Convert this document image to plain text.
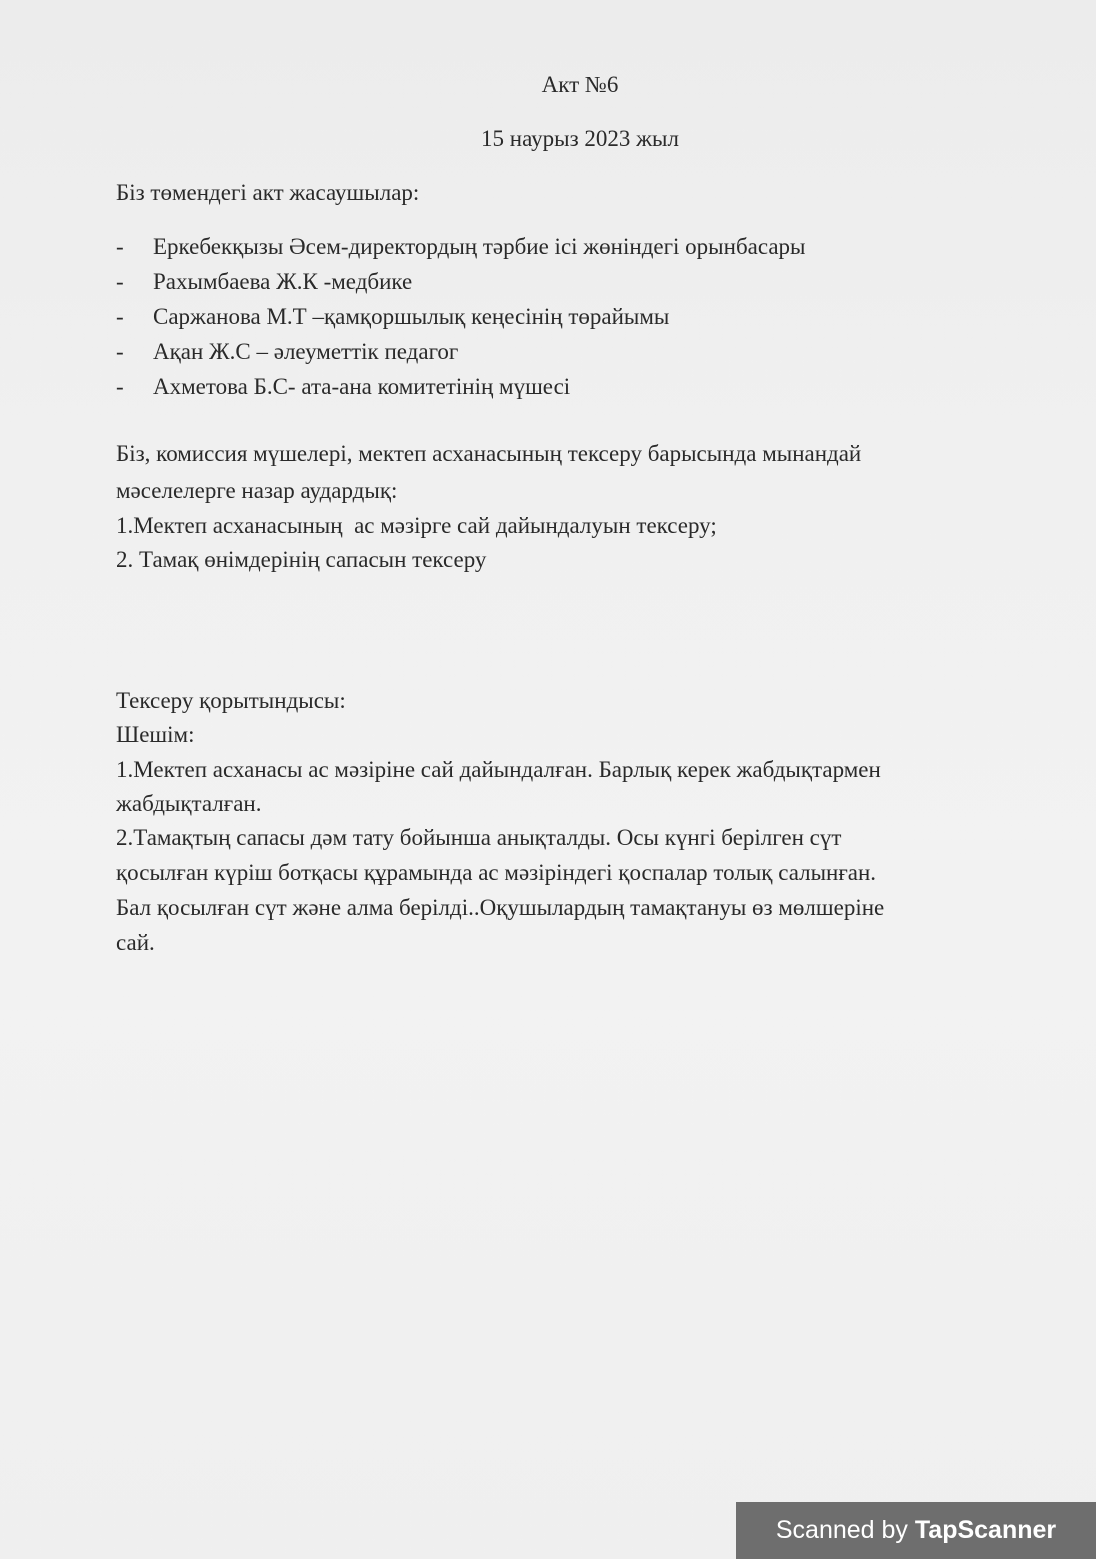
Акт №6
15 наурыз 2023 жыл
Біз төмендегі акт жасаушылар:
-	Еркебекқызы Әсем-директордың тәрбие ісі жөніндегі орынбасары
-	Рахымбаева Ж.К -медбике
-	Саржанова М.Т –қамқоршылық кеңесінің төрайымы
-	Ақан Ж.С – әлеуметтік педагог
-	Ахметова Б.С- ата-ана комитетінің мүшесі
Біз, комиссия мүшелері, мектеп асханасының тексеру барысында мынандай
мәселелерге назар аудардық:
1.Мектеп асханасының  ас мәзірге сай дайындалуын тексеру;
2. Тамақ өнімдерінің сапасын тексеру
Тексеру қорытындысы:
Шешім:
1.Мектеп асханасы ас мәзіріне сай дайындалған. Барлық керек жабдықтармен
жабдықталған.
2.Тамақтың сапасы дәм тату бойынша анықталды. Осы күнгі берілген сүт
қосылған күріш ботқасы құрамында ас мәзіріндегі қоспалар толық салынған.
Бал қосылған сүт және алма берілді..Оқушылардың тамақтануы өз мөлшеріне
сай.
Scanned by TapScanner
